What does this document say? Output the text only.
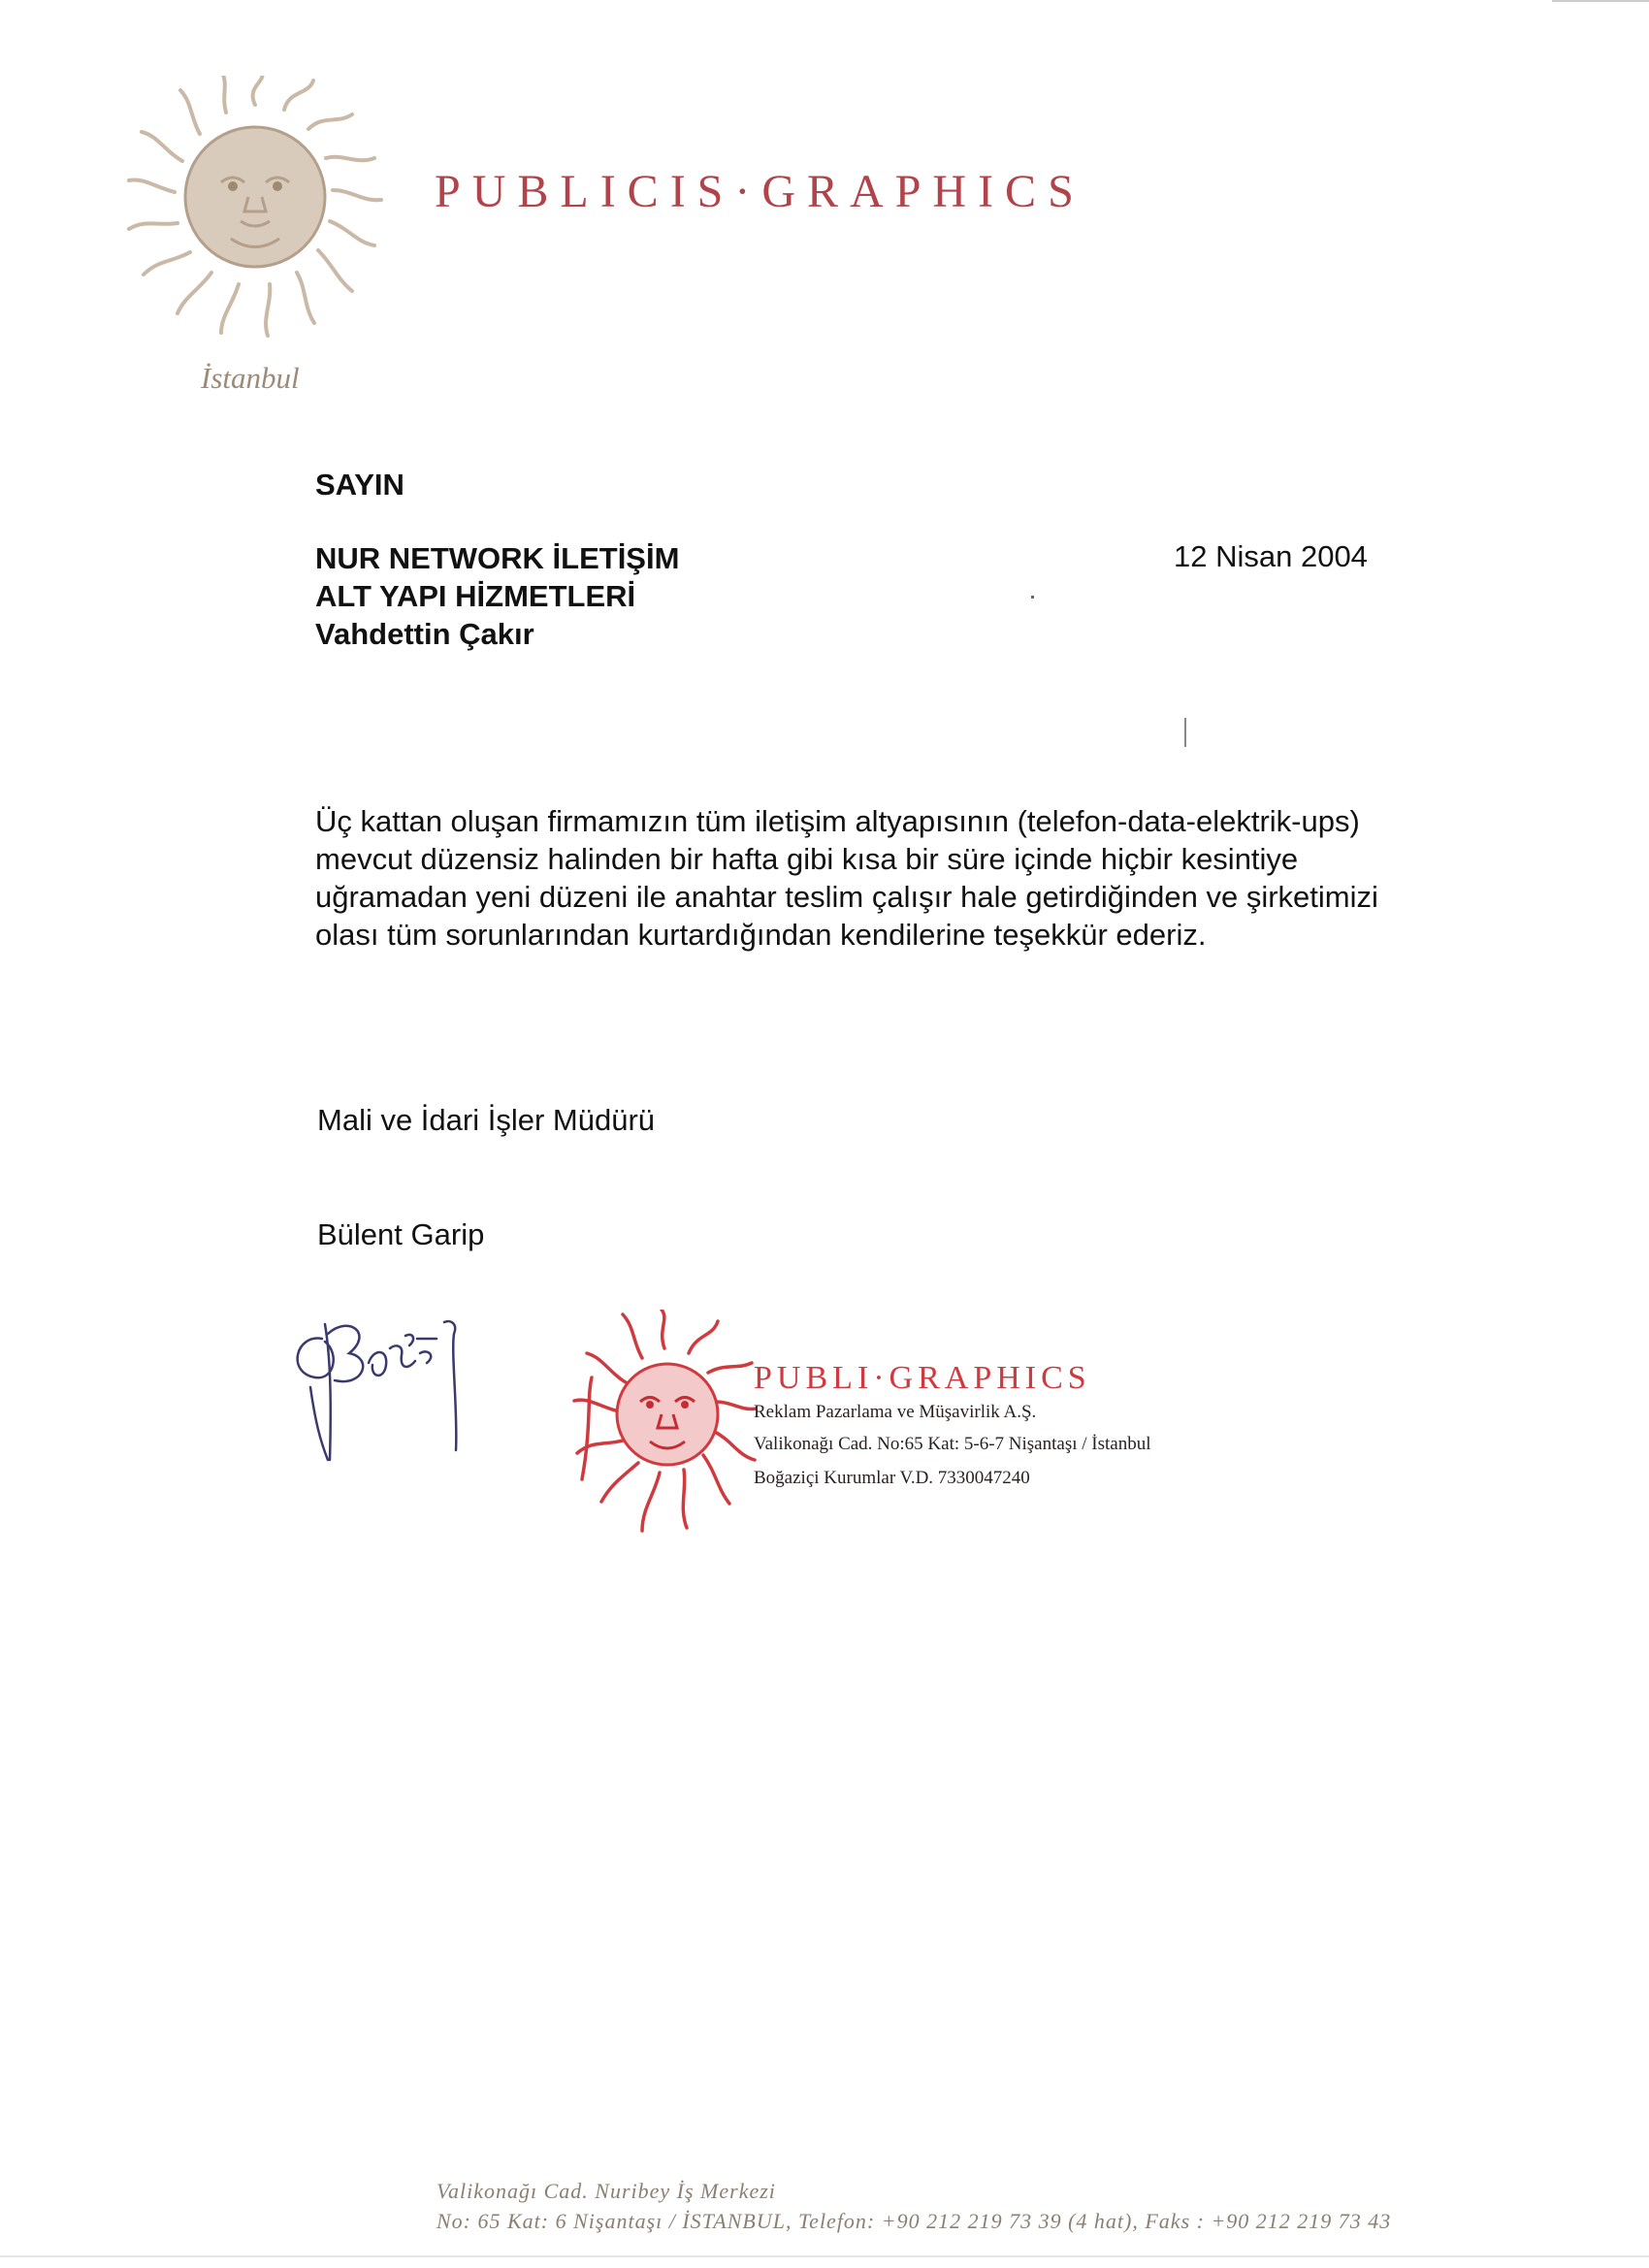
PUBLICIS·GRAPHICS
İstanbul
SAYIN
NUR NETWORK İLETİŞİM
ALT YAPI HİZMETLERİ
Vahdettin Çakır
12 Nisan 2004
Üç kattan oluşan firmamızın tüm iletişim altyapısının (telefon-data-elektrik-ups)
mevcut düzensiz halinden bir hafta gibi kısa bir süre içinde hiçbir kesintiye
uğramadan yeni düzeni ile anahtar teslim çalışır hale getirdiğinden ve şirketimizi
olası tüm sorunlarından kurtardığından kendilerine teşekkür ederiz.
Mali ve İdari İşler Müdürü
Bülent Garip
PUBLI·GRAPHICS
Reklam Pazarlama ve Müşavirlik A.Ş.
Valikonağı Cad. No:65 Kat: 5-6-7 Nişantaşı / İstanbul
Boğaziçi Kurumlar V.D. 7330047240
Valikonağı Cad. Nuribey İş Merkezi
No: 65 Kat: 6 Nişantaşı / İSTANBUL, Telefon: +90 212 219 73 39 (4 hat), Faks : +90 212 219 73 43
